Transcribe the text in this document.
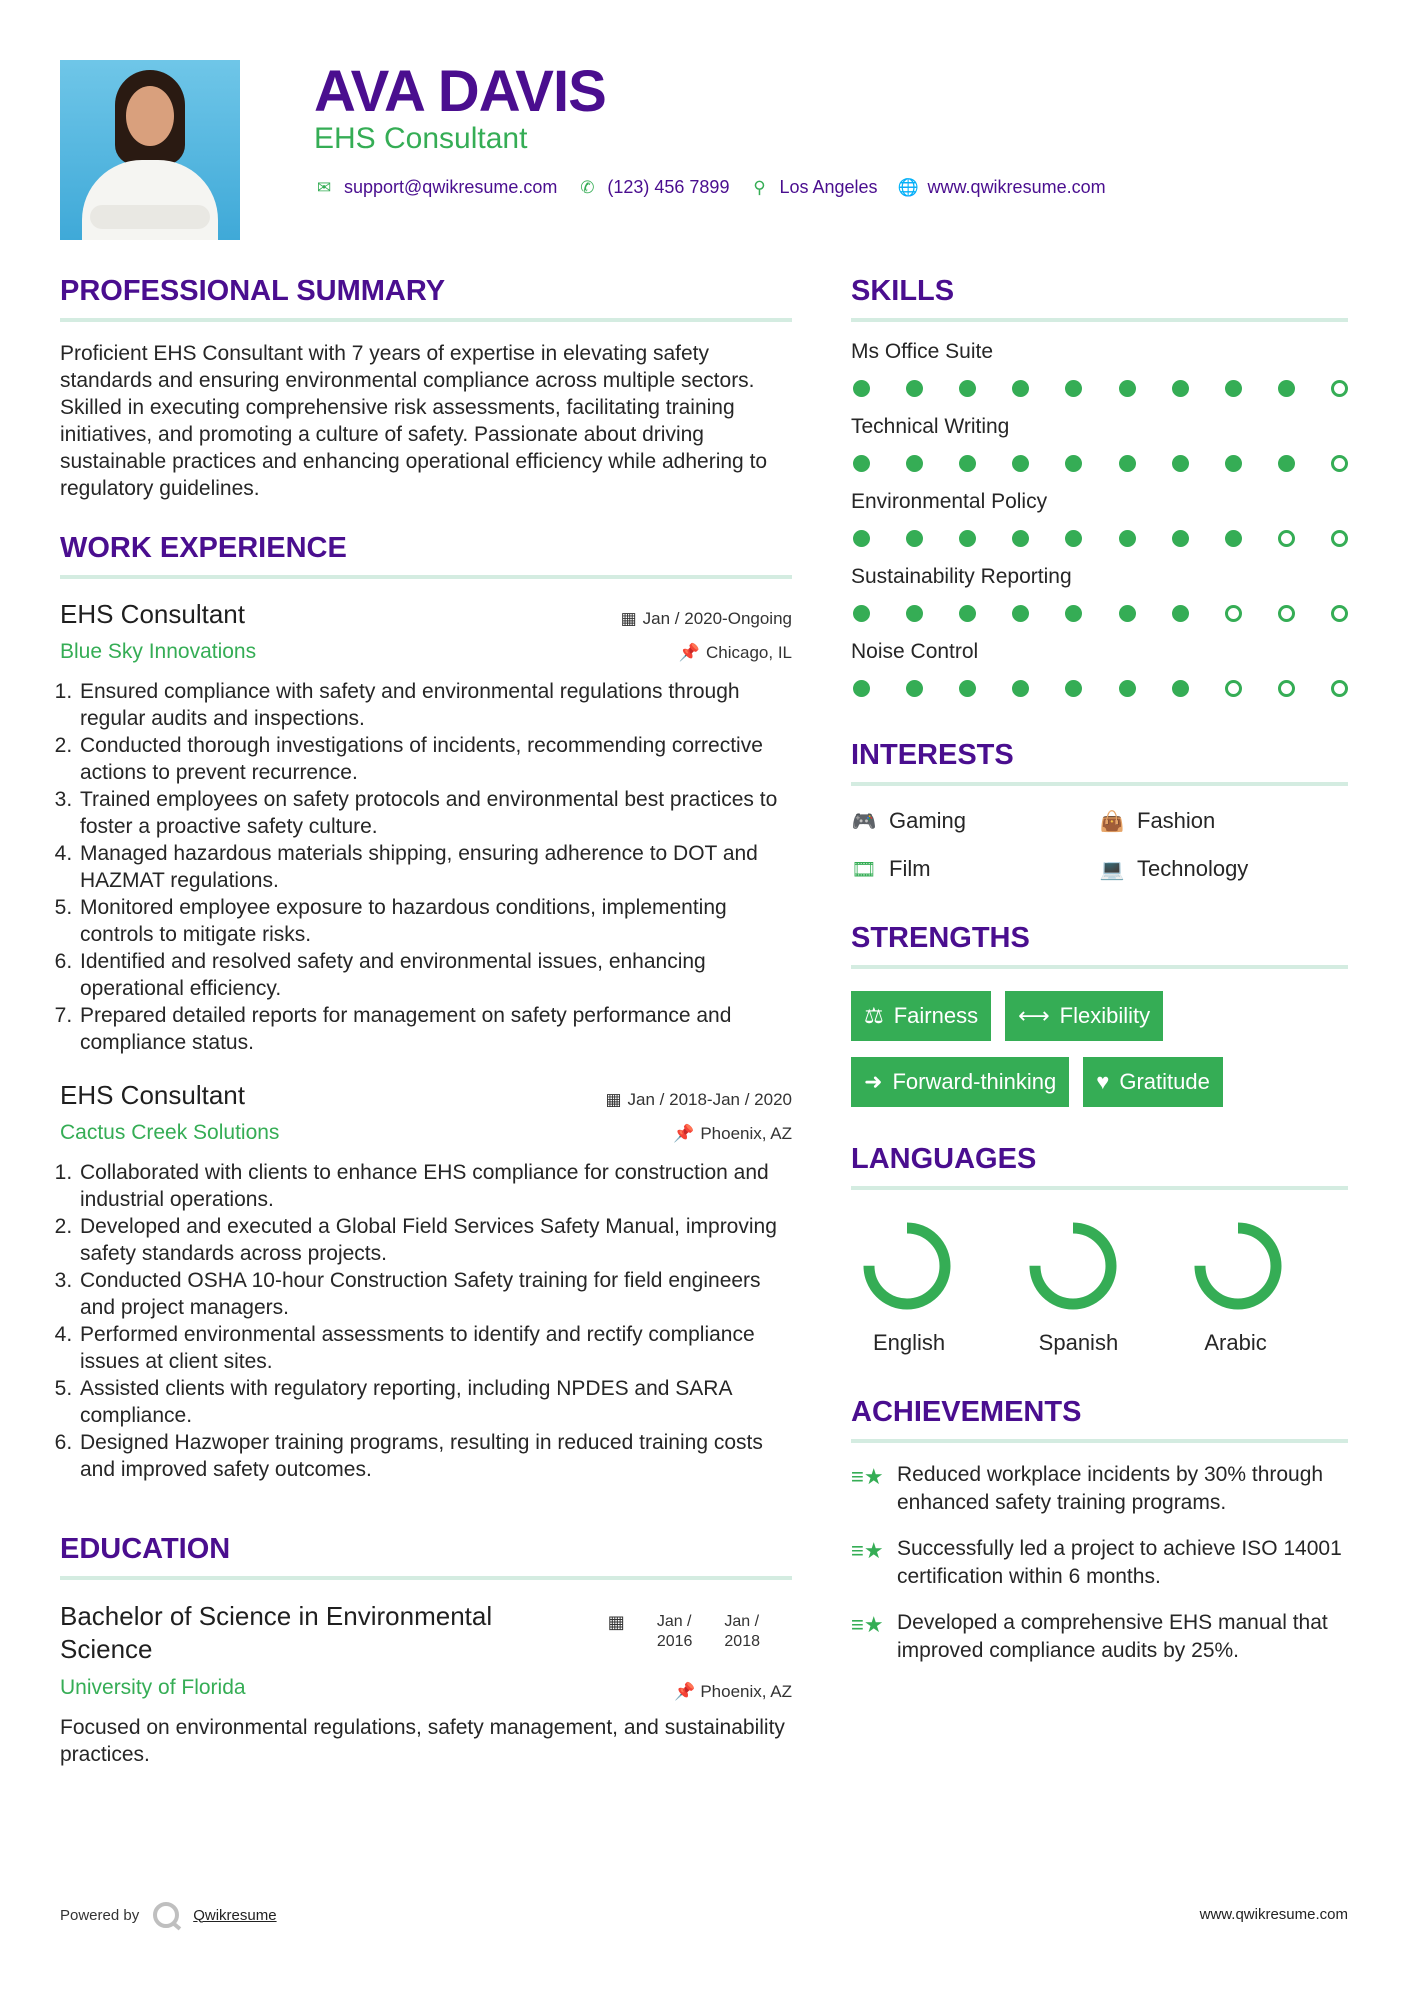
AVA DAVIS
EHS Consultant
✉ support@qwikresume.com ✆ (123) 456 7899 ⚲ Los Angeles 🌐 www.qwikresume.com
PROFESSIONAL SUMMARY

Proficient EHS Consultant with 7 years of expertise in elevating safety standards and ensuring environmental compliance across multiple sectors. Skilled in executing comprehensive risk assessments, facilitating training initiatives, and promoting a culture of safety. Passionate about driving sustainable practices and enhancing operational efficiency while adhering to regulatory guidelines.

WORK EXPERIENCE
EHS Consultant
Blue Sky Innovations
▦ Jan / 2020-Ongoing
📌 Chicago, IL
1. Ensured compliance with safety and environmental regulations through regular audits and inspections.
2. Conducted thorough investigations of incidents, recommending corrective actions to prevent recurrence.
3. Trained employees on safety protocols and environmental best practices to foster a proactive safety culture.
4. Managed hazardous materials shipping, ensuring adherence to DOT and HAZMAT regulations.
5. Monitored employee exposure to hazardous conditions, implementing controls to mitigate risks.
6. Identified and resolved safety and environmental issues, enhancing operational efficiency.
7. Prepared detailed reports for management on safety performance and compliance status.
EHS Consultant
Cactus Creek Solutions
▦ Jan / 2018-Jan / 2020
📌 Phoenix, AZ
1. Collaborated with clients to enhance EHS compliance for construction and industrial operations.
2. Developed and executed a Global Field Services Safety Manual, improving safety standards across projects.
3. Conducted OSHA 10-hour Construction Safety training for field engineers and project managers.
4. Performed environmental assessments to identify and rectify compliance issues at client sites.
5. Assisted clients with regulatory reporting, including NPDES and SARA compliance.
6. Designed Hazwoper training programs, resulting in reduced training costs and improved safety outcomes.
EDUCATION
Bachelor of Science in Environmental Science
▦ Jan /
2016
Jan /
2018
University of Florida	📌 Phoenix, AZ

Focused on environmental regulations, safety management, and sustainability practices.

SKILLS
Ms Office Suite
Technical Writing
Environmental Policy
Sustainability Reporting
Noise Control
INTERESTS
🎮 Gaming	👜 Fashion
🎞 Film	💻 Technology
STRENGTHS
⚖ Fairness ⟷ Flexibility
➜ Forward-thinking ♥ Gratitude
LANGUAGES
English	Spanish	Arabic
ACHIEVEMENTS
≡★ Reduced workplace incidents by 30% through enhanced safety training programs.
≡★ Successfully led a project to achieve ISO 14001 certification within 6 months.
≡★ Developed a comprehensive EHS manual that improved compliance audits by 25%.
Powered by	Qwikresume	www.qwikresume.com
